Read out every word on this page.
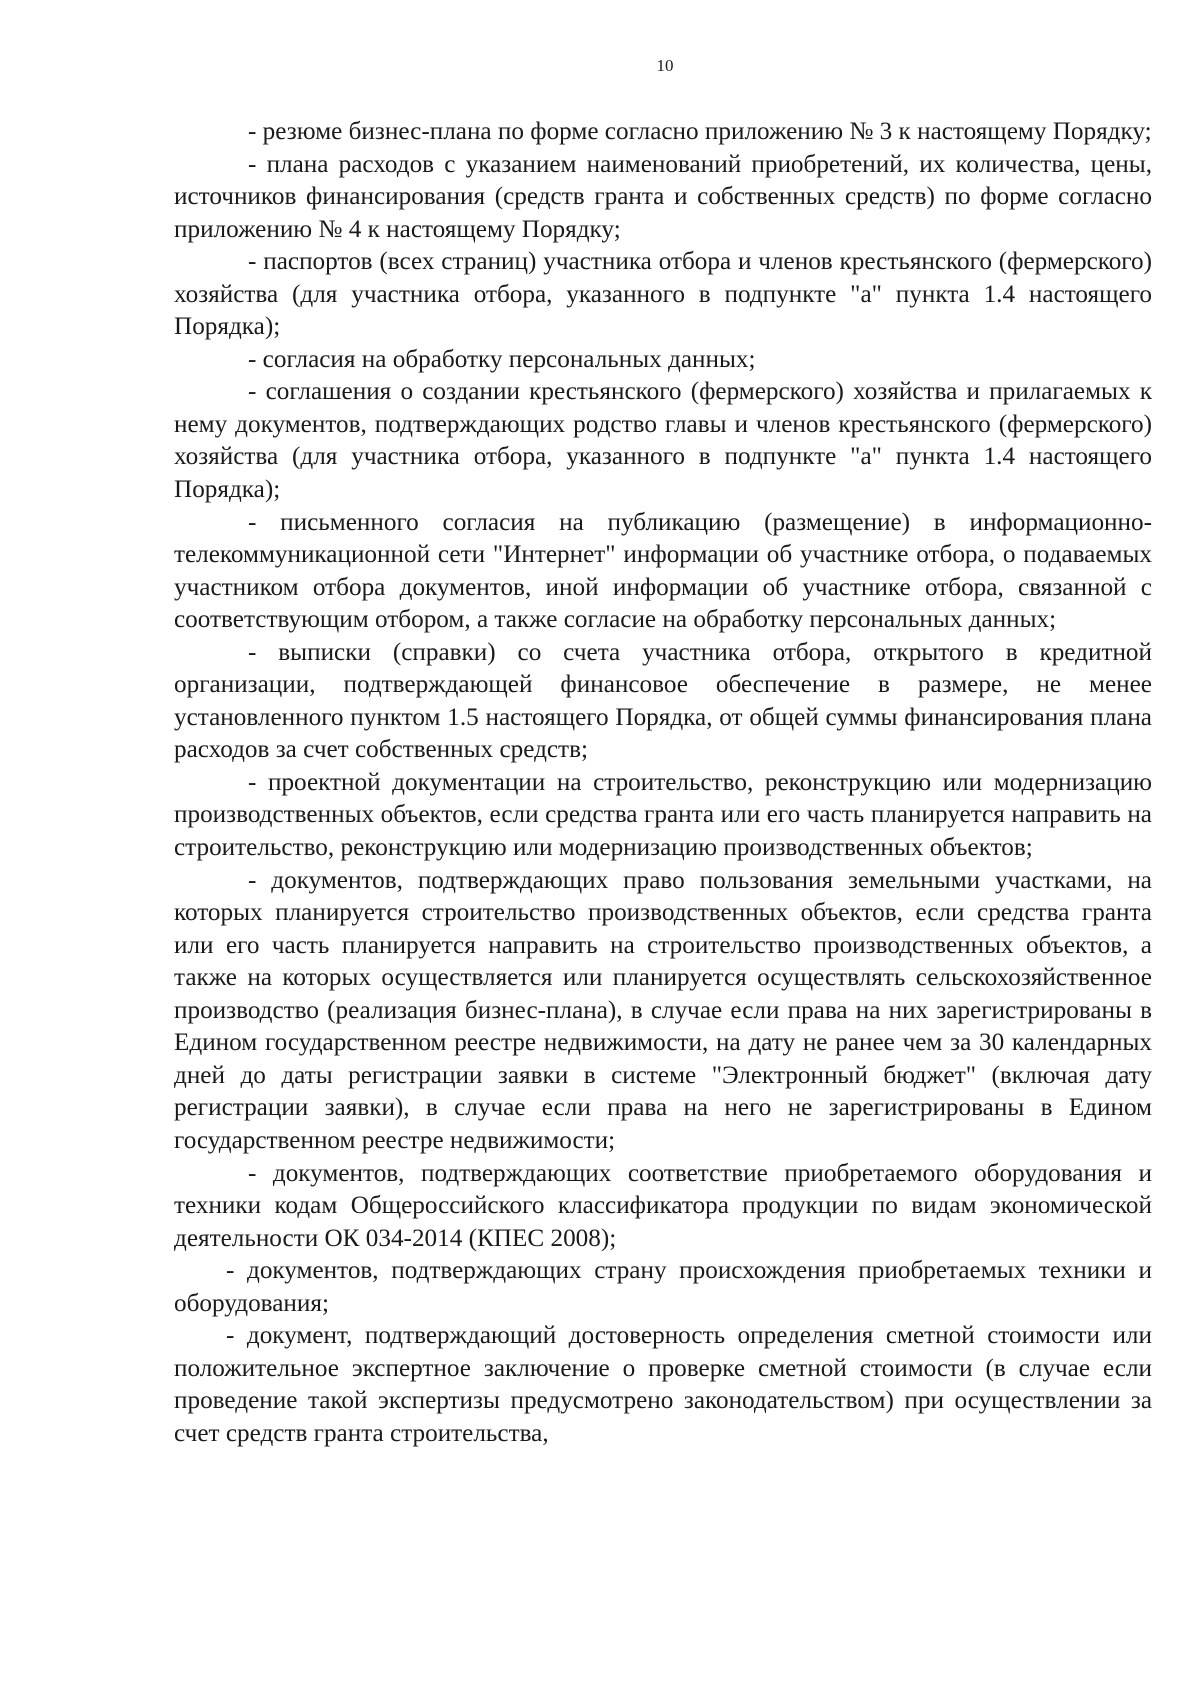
10

- резюме бизнес-плана по форме согласно приложению № 3 к настоящему Порядку;

- плана расходов с указанием наименований приобретений, их количества, цены, источников финансирования (средств гранта и собственных средств) по форме согласно приложению № 4 к настоящему Порядку;

- паспортов (всех страниц) участника отбора и членов крестьянского (фермерского) хозяйства (для участника отбора, указанного в подпункте "а" пункта 1.4 настоящего Порядка);

- согласия на обработку персональных данных;

- соглашения о создании крестьянского (фермерского) хозяйства и прилагаемых к нему документов, подтверждающих родство главы и членов крестьянского (фермерского) хозяйства (для участника отбора, указанного в подпункте "а" пункта 1.4 настоящего Порядка);

- письменного согласия на публикацию (размещение) в информационно-телекоммуникационной сети "Интернет" информации об участнике отбора, о подаваемых участником отбора документов, иной информации об участнике отбора, связанной с соответствующим отбором, а также согласие на обработку персональных данных;

- выписки (справки) со счета участника отбора, открытого в кредитной организации, подтверждающей финансовое обеспечение в размере, не менее установленного пунктом 1.5 настоящего Порядка, от общей суммы финансирования плана расходов за счет собственных средств;

- проектной документации на строительство, реконструкцию или модернизацию производственных объектов, если средства гранта или его часть планируется направить на строительство, реконструкцию или модернизацию производственных объектов;

- документов, подтверждающих право пользования земельными участками, на которых планируется строительство производственных объектов, если средства гранта или его часть планируется направить на строительство производственных объектов, а также на которых осуществляется или планируется осуществлять сельскохозяйственное производство (реализация бизнес-плана), в случае если права на них зарегистрированы в Едином государственном реестре недвижимости, на дату не ранее чем за 30 календарных дней до даты регистрации заявки в системе "Электронный бюджет" (включая дату регистрации заявки), в случае если права на него не зарегистрированы в Едином государственном реестре недвижимости;

- документов, подтверждающих соответствие приобретаемого оборудования и техники кодам Общероссийского классификатора продукции по видам экономической деятельности ОК 034-2014 (КПЕС 2008);

- документов, подтверждающих страну происхождения приобретаемых техники и оборудования;

- документ, подтверждающий достоверность определения сметной стоимости или положительное экспертное заключение о проверке сметной стоимости (в случае если проведение такой экспертизы предусмотрено законодательством) при осуществлении за счет средств гранта строительства,
